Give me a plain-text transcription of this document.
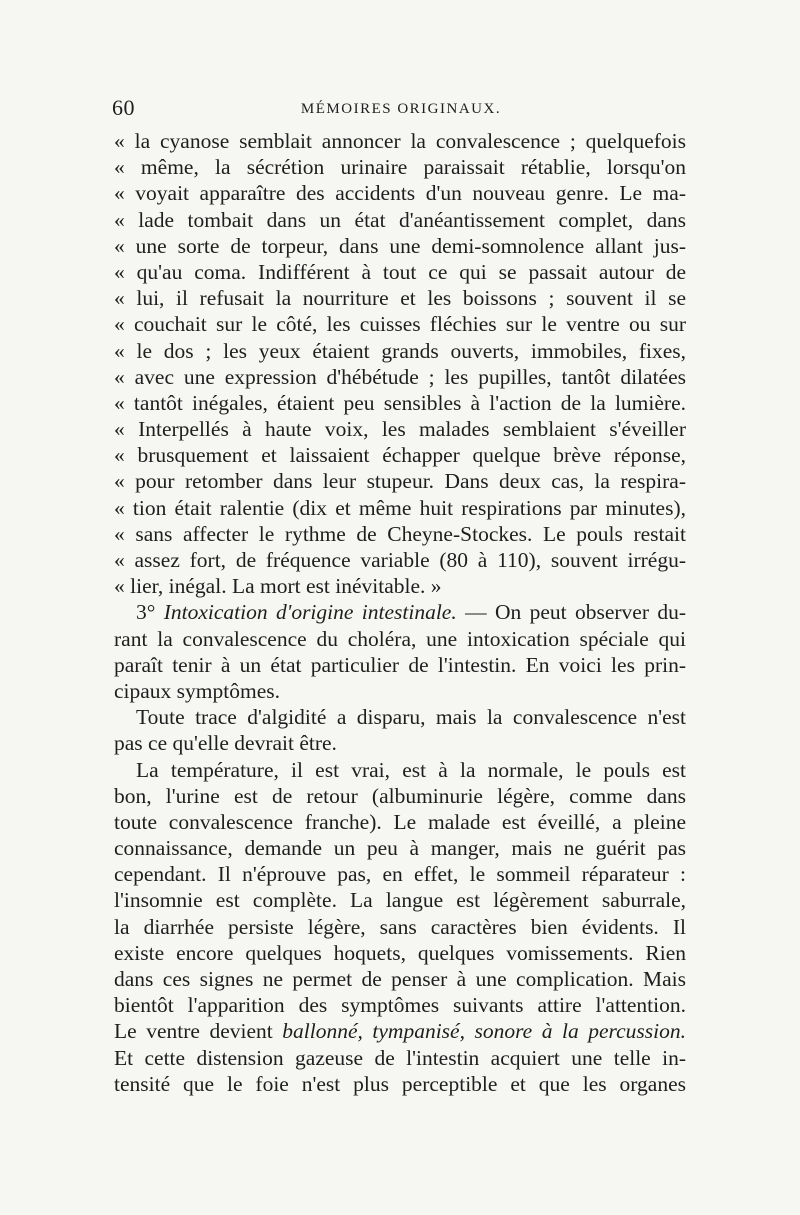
60	MÉMOIRES ORIGINAUX.
« la cyanose semblait annoncer la convalescence ; quelquefois
« même, la sécrétion urinaire paraissait rétablie, lorsqu'on
« voyait apparaître des accidents d'un nouveau genre. Le ma-
« lade tombait dans un état d'anéantissement complet, dans
« une sorte de torpeur, dans une demi-somnolence allant jus-
« qu'au coma. Indifférent à tout ce qui se passait autour de
« lui, il refusait la nourriture et les boissons ; souvent il se
« couchait sur le côté, les cuisses fléchies sur le ventre ou sur
« le dos ; les yeux étaient grands ouverts, immobiles, fixes,
« avec une expression d'hébétude ; les pupilles, tantôt dilatées
« tantôt inégales, étaient peu sensibles à l'action de la lumière.
« Interpellés à haute voix, les malades semblaient s'éveiller
« brusquement et laissaient échapper quelque brève réponse,
« pour retomber dans leur stupeur. Dans deux cas, la respira-
« tion était ralentie (dix et même huit respirations par minutes),
« sans affecter le rythme de Cheyne-Stockes. Le pouls restait
« assez fort, de fréquence variable (80 à 110), souvent irrégu-
« lier, inégal. La mort est inévitable. »
3° Intoxication d'origine intestinale. — On peut observer du-
rant la convalescence du choléra, une intoxication spéciale qui
paraît tenir à un état particulier de l'intestin. En voici les prin-
cipaux symptômes.
Toute trace d'algidité a disparu, mais la convalescence n'est
pas ce qu'elle devrait être.
La température, il est vrai, est à la normale, le pouls est
bon, l'urine est de retour (albuminurie légère, comme dans
toute convalescence franche). Le malade est éveillé, a pleine
connaissance, demande un peu à manger, mais ne guérit pas
cependant. Il n'éprouve pas, en effet, le sommeil réparateur :
l'insomnie est complète. La langue est légèrement saburrale,
la diarrhée persiste légère, sans caractères bien évidents. Il
existe encore quelques hoquets, quelques vomissements. Rien
dans ces signes ne permet de penser à une complication. Mais
bientôt l'apparition des symptômes suivants attire l'attention.
Le ventre devient ballonné, tympanisé, sonore à la percussion.
Et cette distension gazeuse de l'intestin acquiert une telle in-
tensité que le foie n'est plus perceptible et que les organes
